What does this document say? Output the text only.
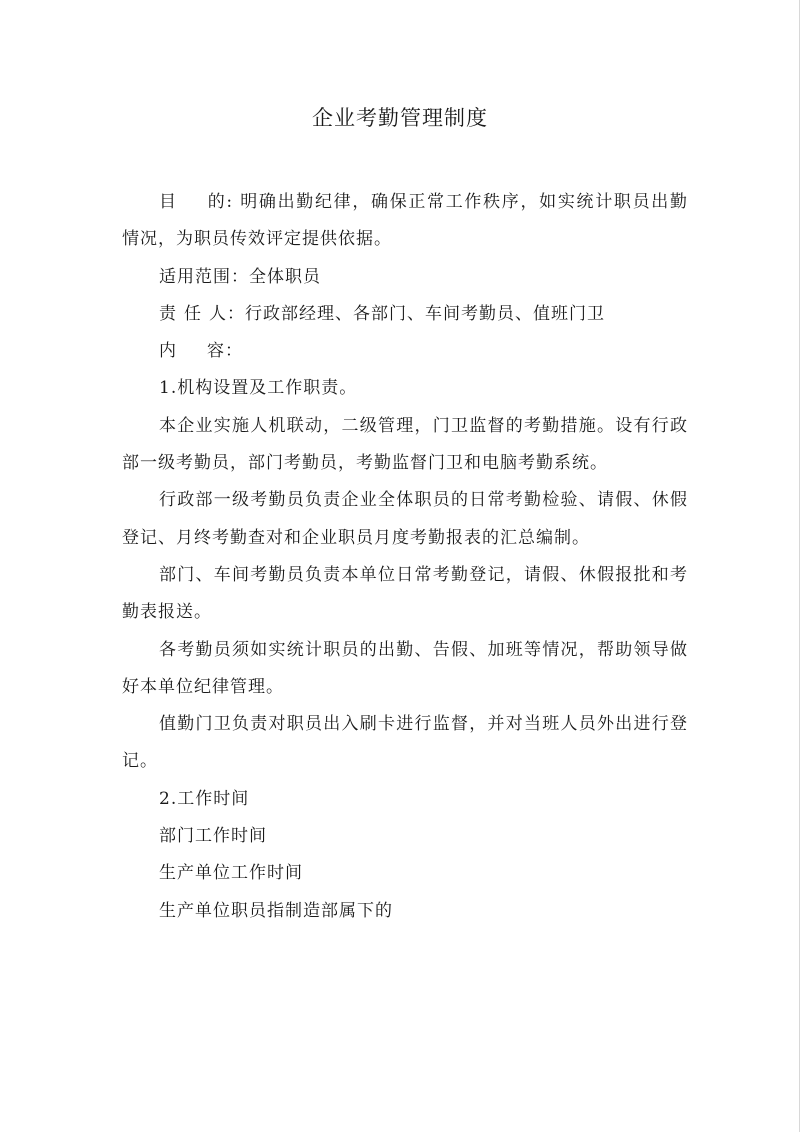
企业考勤管理制度

目 的: 明确出勤纪律，确保正常工作秩序，如实统计职员出勤情况，为职员传效评定提供依据。

适用范围：全体职员

责 任 人：行政部经理、各部门、车间考勤员、值班门卫

内 容：

1.机构设置及工作职责。

本企业实施人机联动，二级管理，门卫监督的考勤措施。设有行政部一级考勤员，部门考勤员，考勤监督门卫和电脑考勤系统。

行政部一级考勤员负责企业全体职员的日常考勤检验、请假、休假登记、月终考勤查对和企业职员月度考勤报表的汇总编制。

部门、车间考勤员负责本单位日常考勤登记，请假、休假报批和考勤表报送。

各考勤员须如实统计职员的出勤、告假、加班等情况，帮助领导做好本单位纪律管理。

值勤门卫负责对职员出入刷卡进行监督，并对当班人员外出进行登记。

2.工作时间

部门工作时间

生产单位工作时间

生产单位职员指制造部属下的
